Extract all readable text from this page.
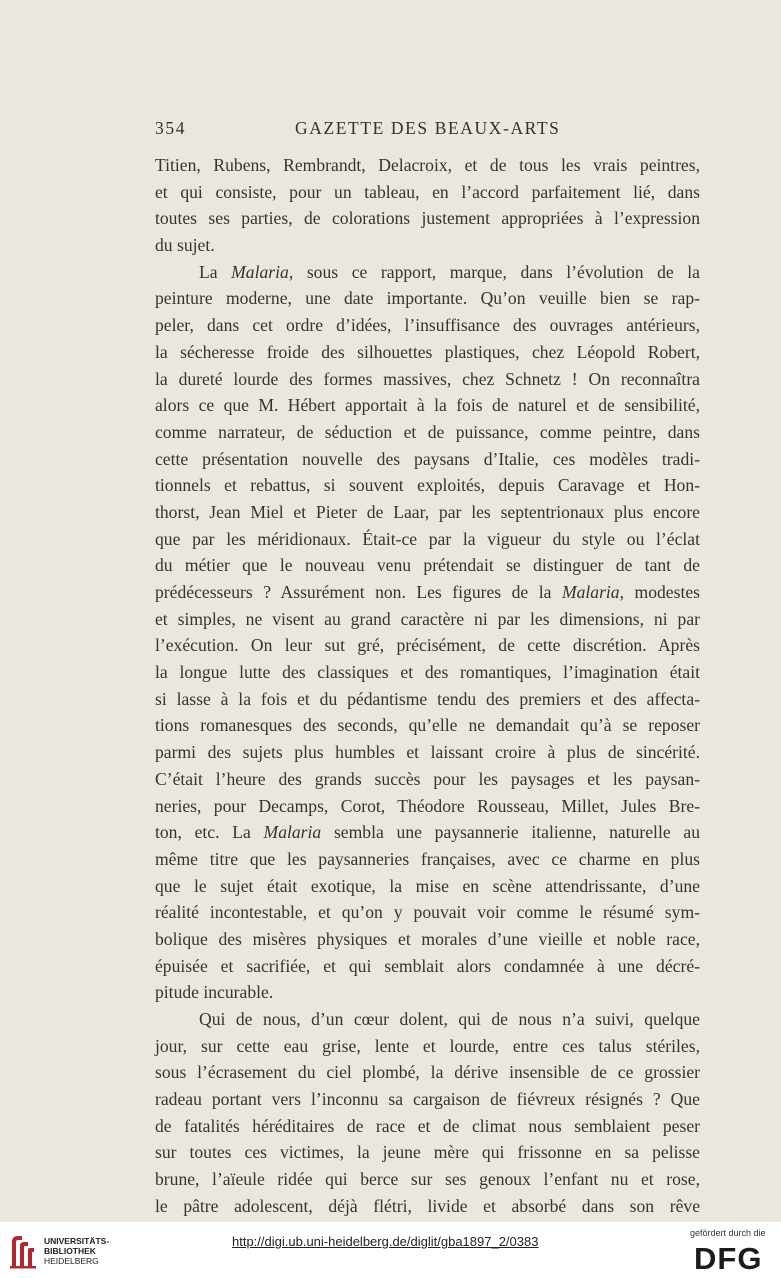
354	GAZETTE DES BEAUX-ARTS
Titien, Rubens, Rembrandt, Delacroix, et de tous les vrais peintres,
et qui consiste, pour un tableau, en l’accord parfaitement lié, dans
toutes ses parties, de colorations justement appropriées à l’expression
du sujet.
La Malaria, sous ce rapport, marque, dans l’évolution de la
peinture moderne, une date importante. Qu’on veuille bien se rap-
peler, dans cet ordre d’idées, l’insuffisance des ouvrages antérieurs,
la sécheresse froide des silhouettes plastiques, chez Léopold Robert,
la dureté lourde des formes massives, chez Schnetz ! On reconnaîtra
alors ce que M. Hébert apportait à la fois de naturel et de sensibilité,
comme narrateur, de séduction et de puissance, comme peintre, dans
cette présentation nouvelle des paysans d’Italie, ces modèles tradi-
tionnels et rebattus, si souvent exploités, depuis Caravage et Hon-
thorst, Jean Miel et Pieter de Laar, par les septentrionaux plus encore
que par les méridionaux. Était-ce par la vigueur du style ou l’éclat
du métier que le nouveau venu prétendait se distinguer de tant de
prédécesseurs ? Assurément non. Les figures de la Malaria, modestes
et simples, ne visent au grand caractère ni par les dimensions, ni par
l’exécution. On leur sut gré, précisément, de cette discrétion. Après
la longue lutte des classiques et des romantiques, l’imagination était
si lasse à la fois et du pédantisme tendu des premiers et des affecta-
tions romanesques des seconds, qu’elle ne demandait qu’à se reposer
parmi des sujets plus humbles et laissant croire à plus de sincérité.
C’était l’heure des grands succès pour les paysages et les paysan-
neries, pour Decamps, Corot, Théodore Rousseau, Millet, Jules Bre-
ton, etc. La Malaria sembla une paysannerie italienne, naturelle au
même titre que les paysanneries françaises, avec ce charme en plus
que le sujet était exotique, la mise en scène attendrissante, d’une
réalité incontestable, et qu’on y pouvait voir comme le résumé sym-
bolique des misères physiques et morales d’une vieille et noble race,
épuisée et sacrifiée, et qui semblait alors condamnée à une décré-
pitude incurable.
Qui de nous, d’un cœur dolent, qui de nous n’a suivi, quelque
jour, sur cette eau grise, lente et lourde, entre ces talus stériles,
sous l’écrasement du ciel plombé, la dérive insensible de ce grossier
radeau portant vers l’inconnu sa cargaison de fiévreux résignés ? Que
de fatalités héréditaires de race et de climat nous semblaient peser
sur toutes ces victimes, la jeune mère qui frissonne en sa pelisse
brune, l’aïeule ridée qui berce sur ses genoux l’enfant nu et rose,
le pâtre adolescent, déjà flétri, livide et absorbé dans son rêve
UNIVERSITÄTS-
BIBLIOTHEK
HEIDELBERG
http://digi.ub.uni-heidelberg.de/diglit/gba1897_2/0383
gefördert durch die
DFG
